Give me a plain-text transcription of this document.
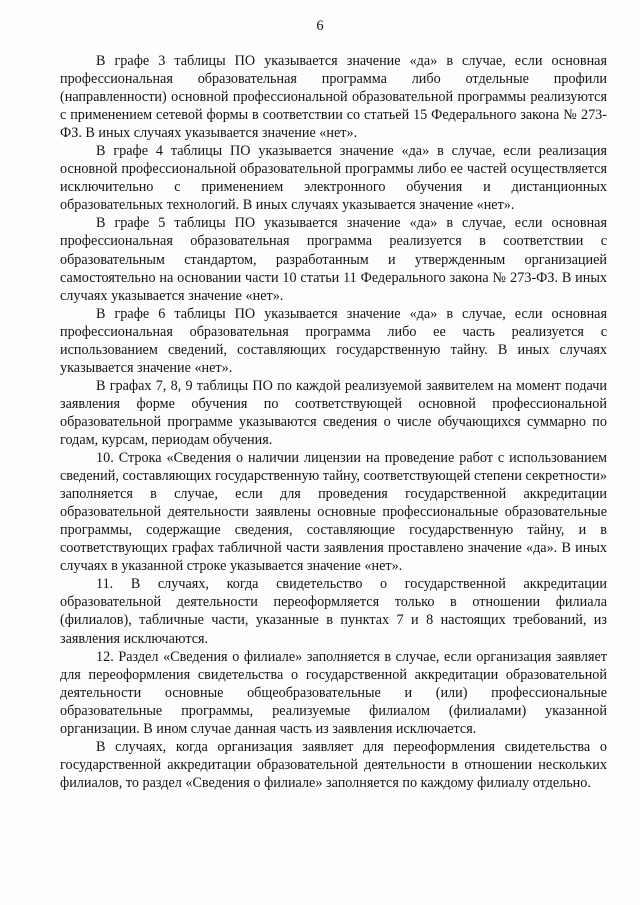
6

В графе 3 таблицы ПО указывается значение «да» в случае, если основная профессиональная образовательная программа либо отдельные профили (направленности) основной профессиональной образовательной программы реализуются с применением сетевой формы в соответствии со статьей 15 Федерального закона № 273-ФЗ. В иных случаях указывается значение «нет».

В графе 4 таблицы ПО указывается значение «да» в случае, если реализация основной профессиональной образовательной программы либо ее частей осуществляется исключительно с применением электронного обучения и дистанционных образовательных технологий. В иных случаях указывается значение «нет».

В графе 5 таблицы ПО указывается значение «да» в случае, если основная профессиональная образовательная программа реализуется в соответствии с образовательным стандартом, разработанным и утвержденным организацией самостоятельно на основании части 10 статьи 11 Федерального закона № 273-ФЗ. В иных случаях указывается значение «нет».

В графе 6 таблицы ПО указывается значение «да» в случае, если основная профессиональная образовательная программа либо ее часть реализуется с использованием сведений, составляющих государственную тайну. В иных случаях указывается значение «нет».

В графах 7, 8, 9 таблицы ПО по каждой реализуемой заявителем на момент подачи заявления форме обучения по соответствующей основной профессиональной образовательной программе указываются сведения о числе обучающихся суммарно по годам, курсам, периодам обучения.

10. Строка «Сведения о наличии лицензии на проведение работ с использованием сведений, составляющих государственную тайну, соответствующей степени секретности» заполняется в случае, если для проведения государственной аккредитации образовательной деятельности заявлены основные профессиональные образовательные программы, содержащие сведения, составляющие государственную тайну, и в соответствующих графах табличной части заявления проставлено значение «да». В иных случаях в указанной строке указывается значение «нет».

11. В случаях, когда свидетельство о государственной аккредитации образовательной деятельности переоформляется только в отношении филиала (филиалов), табличные части, указанные в пунктах 7 и 8 настоящих требований, из заявления исключаются.

12. Раздел «Сведения о филиале» заполняется в случае, если организация заявляет для переоформления свидетельства о государственной аккредитации образовательной деятельности основные общеобразовательные и (или) профессиональные образовательные программы, реализуемые филиалом (филиалами) указанной организации. В ином случае данная часть из заявления исключается.

В случаях, когда организация заявляет для переоформления свидетельства о государственной аккредитации образовательной деятельности в отношении нескольких филиалов, то раздел «Сведения о филиале» заполняется по каждому филиалу отдельно.
